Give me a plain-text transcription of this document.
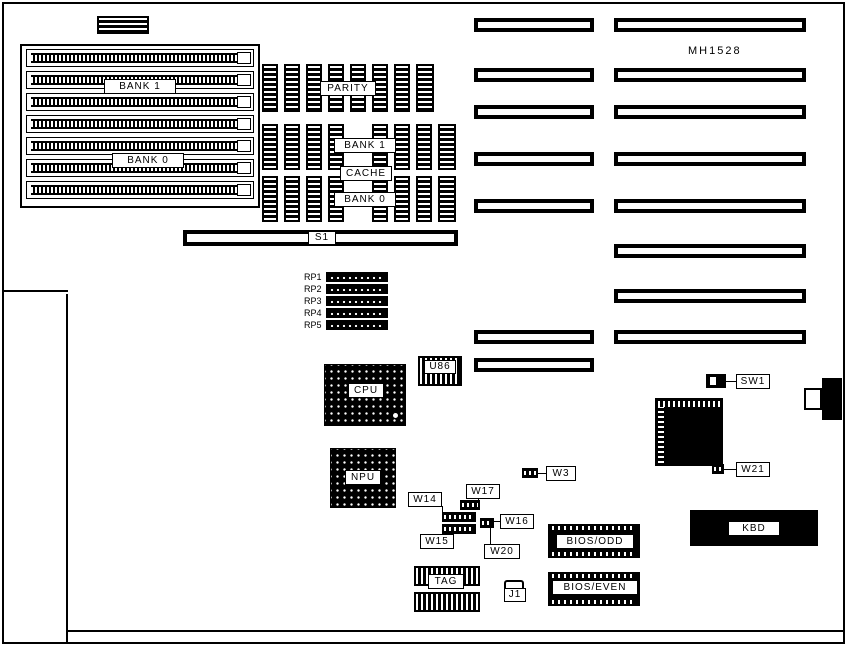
MH1528
BANK 1
BANK 0
PARITY
BANK 1
CACHE
BANK 0
S1
RP1
RP2
RP3
RP4
RP5
CPU
U86
NPU
SW1
W21
W3
W14
W17
W16
W15
W20
J1
TAG
BIOS/ODD
BIOS/EVEN
KBD
